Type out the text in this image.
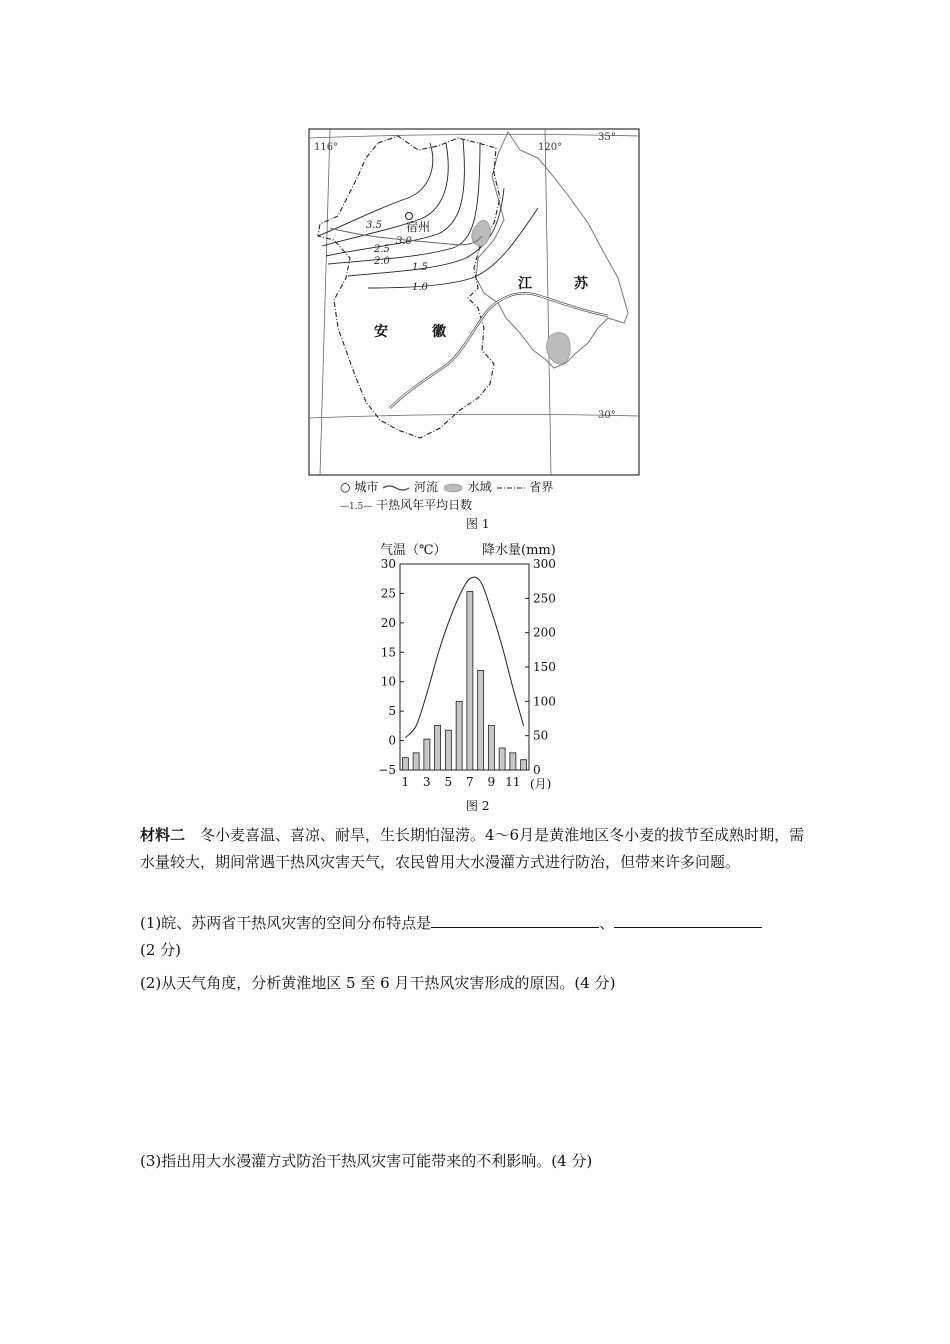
116°	120°
35°
30°
3.5
3.0
2.5
2.0
1.5
1.0
宿州
江	苏
安	徽
○ 城市	河流 水域	省界
—1.5— 干热风年平均日数
图 1
气温（℃）	降水量(mm)
30
25
20
15
10
5
0
−5
300
250
200
150
100
50
0
1 3 5 7 9 11 (月)
图 2
材料二　冬小麦喜温、喜凉、耐旱，生长期怕湿涝。4～6月是黄淮地区冬小麦的拔节至成熟时期，需水量较大，期间常遇干热风灾害天气，农民曾用大水漫灌方式进行防治，但带来许多问题。
(1)皖、苏两省干热风灾害的空间分布特点是	、
(2 分)
(2)从天气角度，分析黄淮地区 5 至 6 月干热风灾害形成的原因。(4 分)
(3)指出用大水漫灌方式防治干热风灾害可能带来的不利影响。(4 分)
